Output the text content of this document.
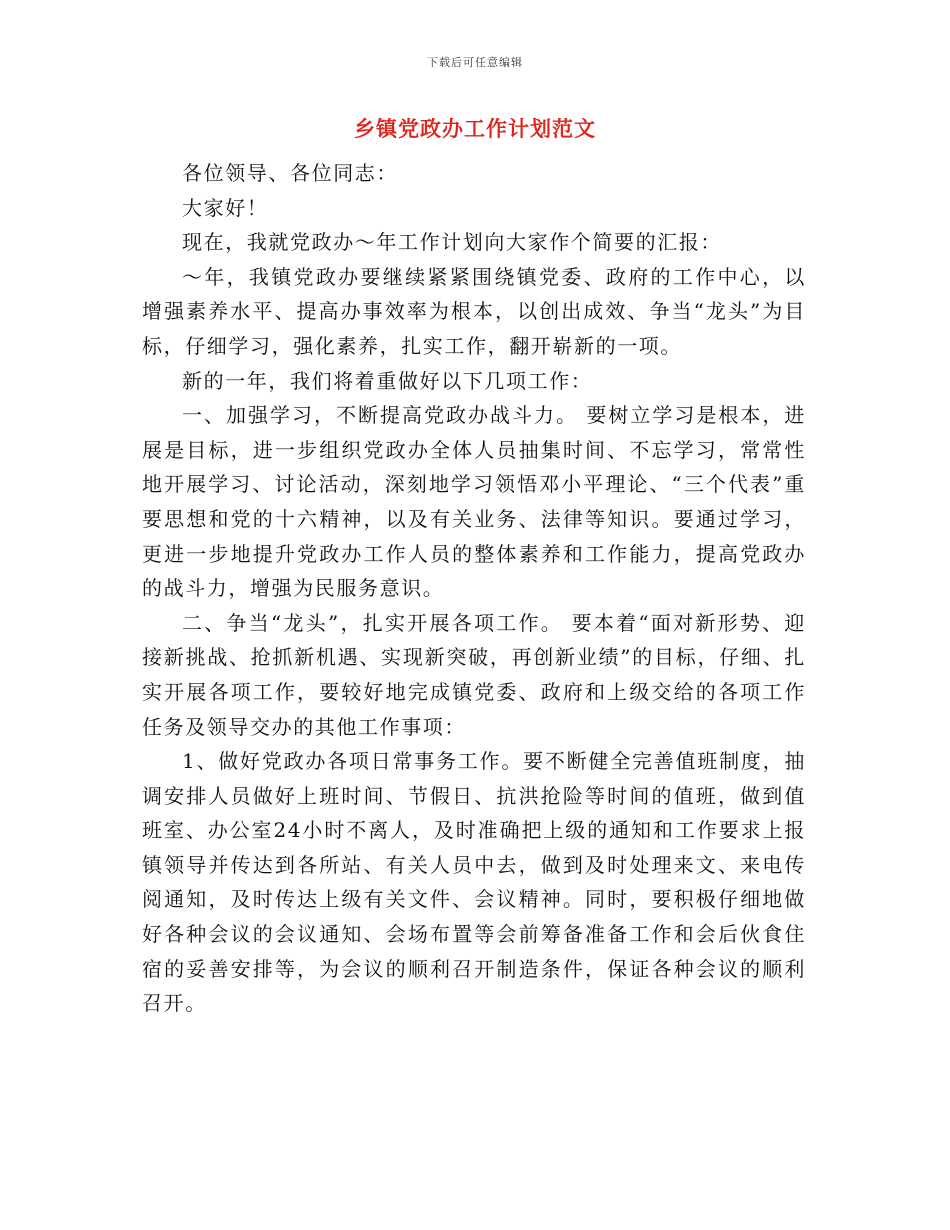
下载后可任意编辑
乡镇党政办工作计划范文

各位领导、各位同志：

大家好！

现在，我就党政办～年工作计划向大家作个简要的汇报：

～年，我镇党政办要继续紧紧围绕镇党委、政府的工作中心，以增强素养水平、提高办事效率为根本，以创出成效、争当“龙头”为目标，仔细学习，强化素养，扎实工作，翻开崭新的一项。

新的一年，我们将着重做好以下几项工作：

一、加强学习，不断提高党政办战斗力。 要树立学习是根本，进展是目标，进一步组织党政办全体人员抽集时间、不忘学习，常常性地开展学习、讨论活动，深刻地学习领悟邓小平理论、“三个代表”重要思想和党的十六精神，以及有关业务、法律等知识。要通过学习，更进一步地提升党政办工作人员的整体素养和工作能力，提高党政办的战斗力，增强为民服务意识。

二、争当“龙头”，扎实开展各项工作。 要本着“面对新形势、迎接新挑战、抢抓新机遇、实现新突破，再创新业绩”的目标，仔细、扎实开展各项工作，要较好地完成镇党委、政府和上级交给的各项工作任务及领导交办的其他工作事项：

1、做好党政办各项日常事务工作。要不断健全完善值班制度，抽调安排人员做好上班时间、节假日、抗洪抢险等时间的值班，做到值班室、办公室24小时不离人，及时准确把上级的通知和工作要求上报镇领导并传达到各所站、有关人员中去，做到及时处理来文、来电传阅通知，及时传达上级有关文件、会议精神。同时，要积极仔细地做好各种会议的会议通知、会场布置等会前筹备准备工作和会后伙食住宿的妥善安排等，为会议的顺利召开制造条件，保证各种会议的顺利召开。
